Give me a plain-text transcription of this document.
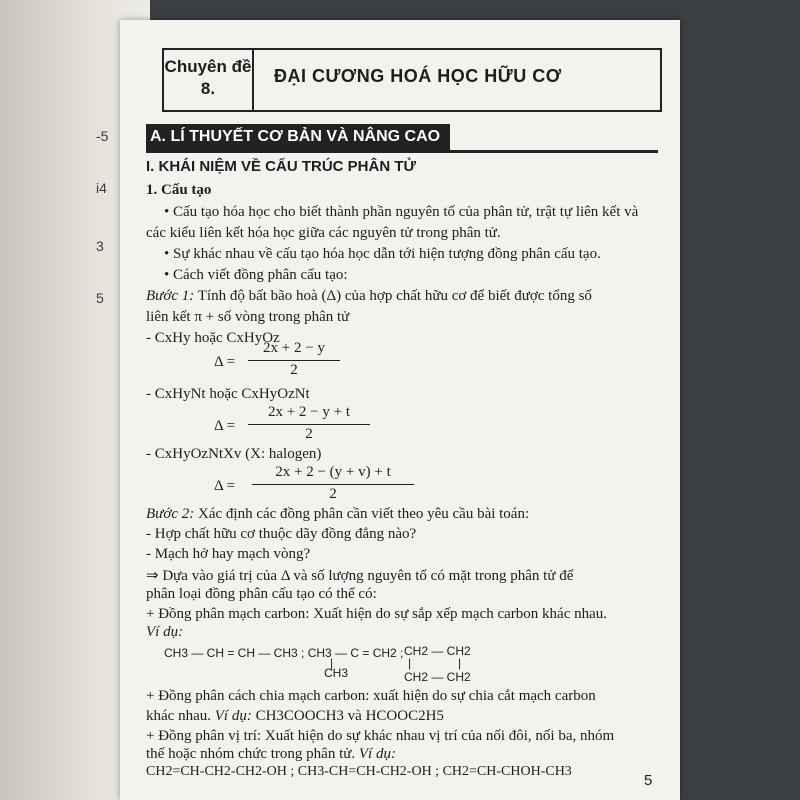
-5
i4
3
5
Chuyên đề
8.
ĐẠI CƯƠNG HOÁ HỌC HỮU CƠ
A. LÍ THUYẾT CƠ BẢN VÀ NÂNG CAO
I. KHÁI NIỆM VỀ CẤU TRÚC PHÂN TỬ
1. Cấu tạo
• Cấu tạo hóa học cho biết thành phần nguyên tố của phân tử, trật tự liên kết và
các kiểu liên kết hóa học giữa các nguyên tử trong phân tử.
• Sự khác nhau về cấu tạo hóa học dẫn tới hiện tượng đồng phân cấu tạo.
• Cách viết đồng phân cấu tạo:
Bước 1: Tính độ bất bão hoà (Δ) của hợp chất hữu cơ để biết được tổng số
liên kết π + số vòng trong phân tử
- CxHy hoặc CxHyOz
Δ =
2x + 2 − y
2
- CxHyNt hoặc CxHyOzNt
Δ =
2x + 2 − y + t
2
- CxHyOzNtXv (X: halogen)
Δ =
2x + 2 − (y + v) + t
2
Bước 2: Xác định các đồng phân cần viết theo yêu cầu bài toán:
- Hợp chất hữu cơ thuộc dãy đồng đẳng nào?
- Mạch hở hay mạch vòng?
⇒ Dựa vào giá trị của Δ và số lượng nguyên tố có mặt trong phân tử để
phân loại đồng phân cấu tạo có thể có:
+ Đồng phân mạch carbon: Xuất hiện do sự sắp xếp mạch carbon khác nhau.
Ví dụ:
CH3 — CH = CH — CH3 ; CH3 — C = CH2 ;
|
CH3
CH2 — CH2
|	|
CH2 — CH2
+ Đồng phân cách chia mạch carbon: xuất hiện do sự chia cắt mạch carbon
khác nhau. Ví dụ: CH3COOCH3 và HCOOC2H5
+ Đồng phân vị trí: Xuất hiện do sự khác nhau vị trí của nối đôi, nối ba, nhóm
thế hoặc nhóm chức trong phân tử. Ví dụ:
CH2=CH-CH2-CH2-OH ; CH3-CH=CH-CH2-OH ; CH2=CH-CHOH-CH3
5
